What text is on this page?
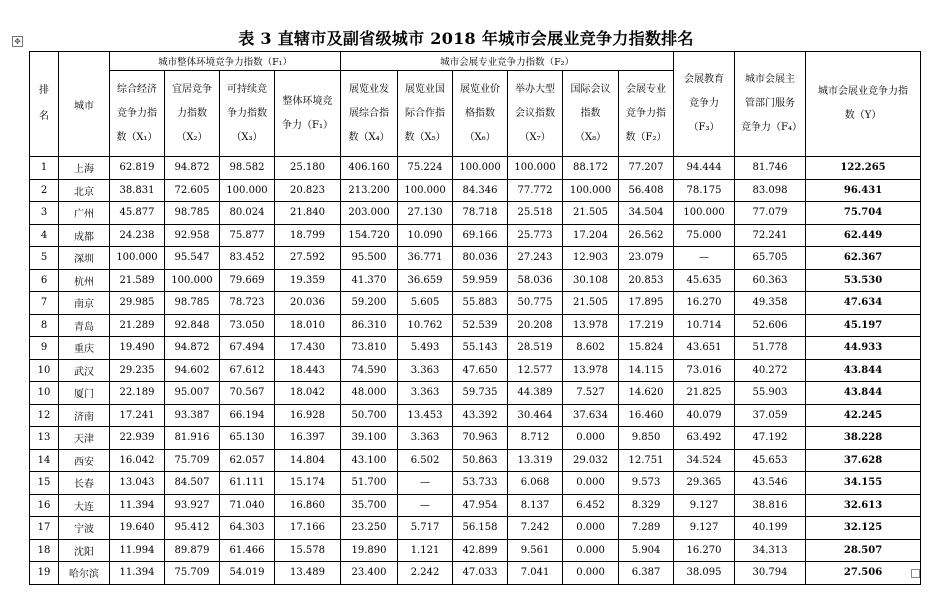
表 3 直辖市及副省级城市 2018 年城市会展业竞争力指数排名
✥
排名	城市	城市整体环境竞争力指数（F₁）				城市会展专业竞争力指数（F₂）						会展教育竞争力（F₃）	城市会展主管部门服务竞争力（F₄）	城市会展业竞争力指数（Y）
		综合经济竞争力指数（X₁）	宜居竞争力指数（X₂）	可持续竞争力指数（X₃）	整体环境竞争力（F₁）	展览业发展综合指数（X₄）	展览业国际合作指数（X₅）	展览业价格指数（X₆）	举办大型会议指数（X₇）	国际会议指数（X₈）	会展专业竞争力指数（F₂）			
1	上海	62.819	94.872	98.582	25.180	406.160	75.224	100.000	100.000	88.172	77.207	94.444	81.746	122.265
2	北京	38.831	72.605	100.000	20.823	213.200	100.000	84.346	77.772	100.000	56.408	78.175	83.098	96.431
3	广州	45.877	98.785	80.024	21.840	203.000	27.130	78.718	25.518	21.505	34.504	100.000	77.079	75.704
4	成都	24.238	92.958	75.877	18.799	154.720	10.090	69.166	25.773	17.204	26.562	75.000	72.241	62.449
5	深圳	100.000	95.547	83.452	27.592	95.500	36.771	80.036	27.243	12.903	23.079	—	65.705	62.367
6	杭州	21.589	100.000	79.669	19.359	41.370	36.659	59.959	58.036	30.108	20.853	45.635	60.363	53.530
7	南京	29.985	98.785	78.723	20.036	59.200	5.605	55.883	50.775	21.505	17.895	16.270	49.358	47.634
8	青岛	21.289	92.848	73.050	18.010	86.310	10.762	52.539	20.208	13.978	17.219	10.714	52.606	45.197
9	重庆	19.490	94.872	67.494	17.430	73.810	5.493	55.143	28.519	8.602	15.824	43.651	51.778	44.933
10	武汉	29.235	94.602	67.612	18.443	74.590	3.363	47.650	12.577	13.978	14.115	73.016	40.272	43.844
10	厦门	22.189	95.007	70.567	18.042	48.000	3.363	59.735	44.389	7.527	14.620	21.825	55.903	43.844
12	济南	17.241	93.387	66.194	16.928	50.700	13.453	43.392	30.464	37.634	16.460	40.079	37.059	42.245
13	天津	22.939	81.916	65.130	16.397	39.100	3.363	70.963	8.712	0.000	9.850	63.492	47.192	38.228
14	西安	16.042	75.709	62.057	14.804	43.100	6.502	50.863	13.319	29.032	12.751	34.524	45.653	37.628
15	长春	13.043	84.507	61.111	15.174	51.700	—	53.733	6.068	0.000	9.573	29.365	43.546	34.155
16	大连	11.394	93.927	71.040	16.860	35.700	—	47.954	8.137	6.452	8.329	9.127	38.816	32.613
17	宁波	19.640	95.412	64.303	17.166	23.250	5.717	56.158	7.242	0.000	7.289	9.127	40.199	32.125
18	沈阳	11.994	89.879	61.466	15.578	19.890	1.121	42.899	9.561	0.000	5.904	16.270	34.313	28.507
19	哈尔滨	11.394	75.709	54.019	13.489	23.400	2.242	47.033	7.041	0.000	6.387	38.095	30.794	27.506
